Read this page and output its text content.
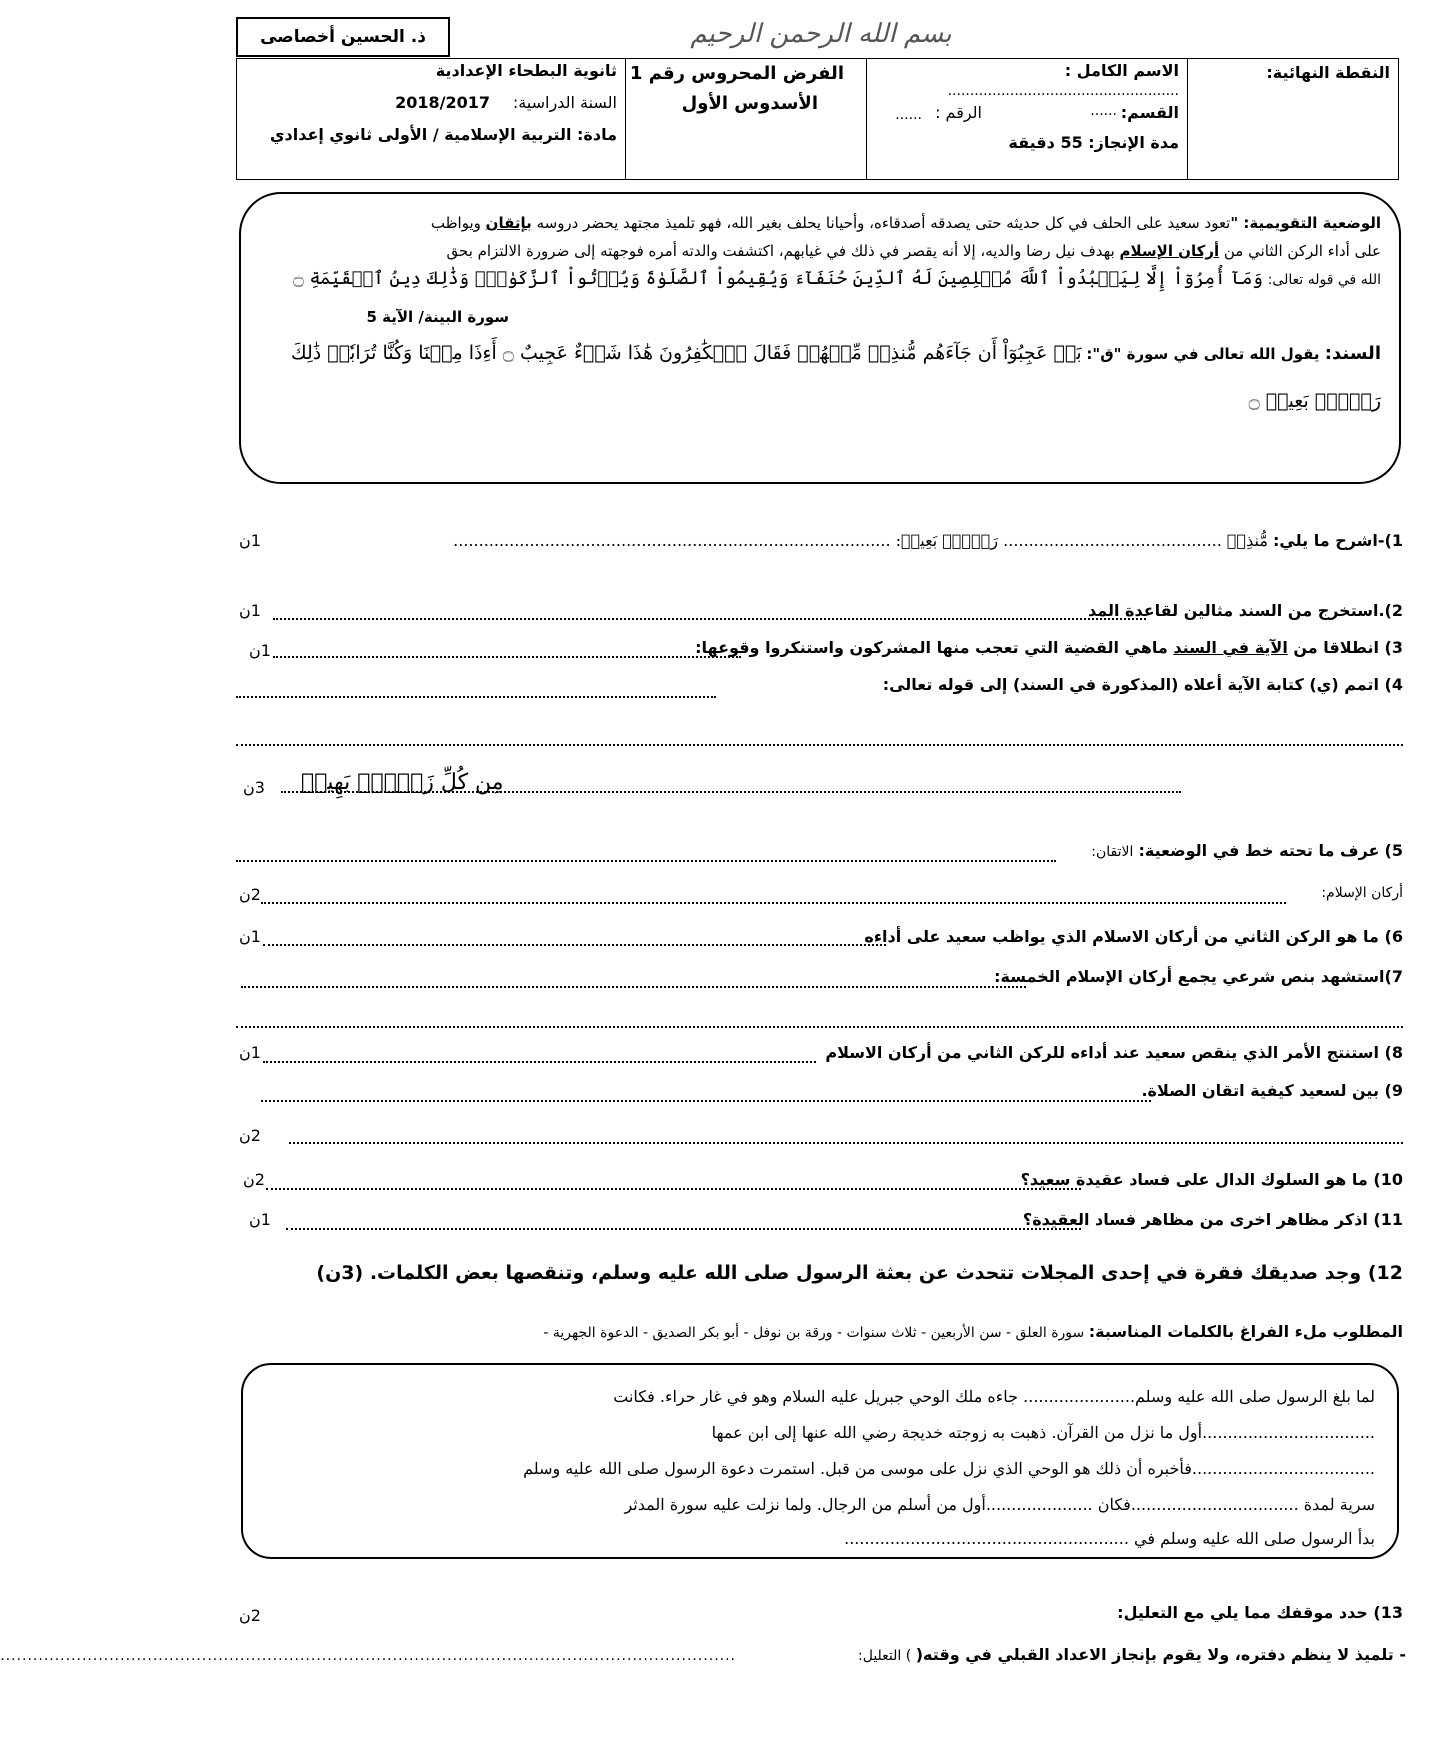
ذ. الحسين أخصاصى	بسم الله الرحمن الرحيم
النقطة النهائية:

الاسم الكامل :
....................................................
القسم:
......
الرقم :
......
مدة الإنجاز: 55 دقيقة

الفرض المحروس رقم 1
الأسدوس الأول

ثانوية البطحاء الإعدادية
السنة الدراسية:
2018/2017
مادة: التربية الإسلامية / الأولى ثانوي إعدادي
الوضعية التقويمية: "تعود سعيد على الحلف في كل حديثه حتى يصدقه أصدقاءه، وأحيانا يحلف بغير الله، فهو تلميذ مجتهد يحضر دروسه بإتقان ويواظب
على أداء الركن الثاني من أركان الإسلام بهدف نيل رضا والديه، إلا أنه يقصر في ذلك في غيابهم، اكتشفت والدته أمره فوجهته إلى ضرورة الالتزام بحق
الله في قوله تعالى: وَمَآ أُمِرُوٓاْ إِلَّا لِيَعۡبُدُواْ ٱللَّهَ مُخۡلِصِينَ لَهُ ٱلدِّينَ حُنَفَآءَ وَيُقِيمُواْ ٱلصَّلَوٰةَ وَيُؤۡتُواْ ٱلزَّكَوٰةَۚ وَذَٰلِكَ دِينُ ٱلۡقَيِّمَةِ ۝
سورة البينة/ الآية 5
السند: يقول الله تعالى في سورة "ق": بَلۡ عَجِبُوٓاْ أَن جَآءَهُم مُّنذِرٞ مِّنۡهُمۡ فَقَالَ ٱلۡكَٰفِرُونَ هَٰذَا شَيۡءٌ عَجِيبٌ ۝ أَءِذَا مِتۡنَا وَكُنَّا تُرَابٗاۖ ذَٰلِكَ
رَجۡعُۢ بَعِيدٞ ۝
1)-اشرح ما يلي: مُّنذِرٞ ........................................... رَجۡعُۢ بَعِيدٞ: ......................................................................................
1ن
2).استخرج من السند مثالين لقاعدة المد
1ن
3) انطلاقا من الآية في السند ماهي القضية التي تعجب منها المشركون واستنكروا وقوعها:
1ن
4) اتمم (ي) كتابة الآية أعلاه (المذكورة في السند) إلى قوله تعالى:
مِن كُلِّ زَوۡجِۢ بَهِيجٖ
3ن
5) عرف ما تحته خط في الوضعية: الاتقان:
أركان الإسلام:
2ن
6) ما هو الركن الثاني من أركان الاسلام الذي يواظب سعيد على أداءه
1ن
7)استشهد بنص شرعي يجمع أركان الإسلام الخمسة:
8) استنتج الأمر الذي ينقص سعيد عند أداءه للركن الثاني من أركان الاسلام
1ن
9) بين لسعيد كيفية اتقان الصلاة.
2ن
10) ما هو السلوك الدال على فساد عقيدة سعيد؟
2ن
11) اذكر مظاهر اخرى من مظاهر فساد العقيدة؟
1ن
12) وجد صديقك فقرة في إحدى المجلات تتحدث عن بعثة الرسول صلى الله عليه وسلم، وتنقصها بعض الكلمات. (3ن)
المطلوب ملء الفراغ بالكلمات المناسبة: سورة العلق - سن الأربعين - ثلاث سنوات - ورقة بن نوفل - أبو بكر الصديق - الدعوة الجهرية -
لما بلغ الرسول صلى الله عليه وسلم...................... جاءه ملك الوحي جبريل عليه السلام وهو في غار حراء. فكانت
..................................أول ما نزل من القرآن. ذهبت به زوجته خديجة رضي الله عنها إلى ابن عمها
....................................فأخبره أن ذلك هو الوحي الذي نزل على موسى من قبل. استمرت دعوة الرسول صلى الله عليه وسلم
سرية لمدة .................................فكان .....................أول من أسلم من الرجال. ولما نزلت عليه سورة المدثر
بدأ الرسول صلى الله عليه وسلم في ........................................................
13) حدد موقفك مما يلي مع التعليل:
2ن
- تلميذ لا ينظم دفتره، ولا يقوم بإنجاز الاعداد القبلي في وقته( ) التعليل:
.......................................................................................................................................
